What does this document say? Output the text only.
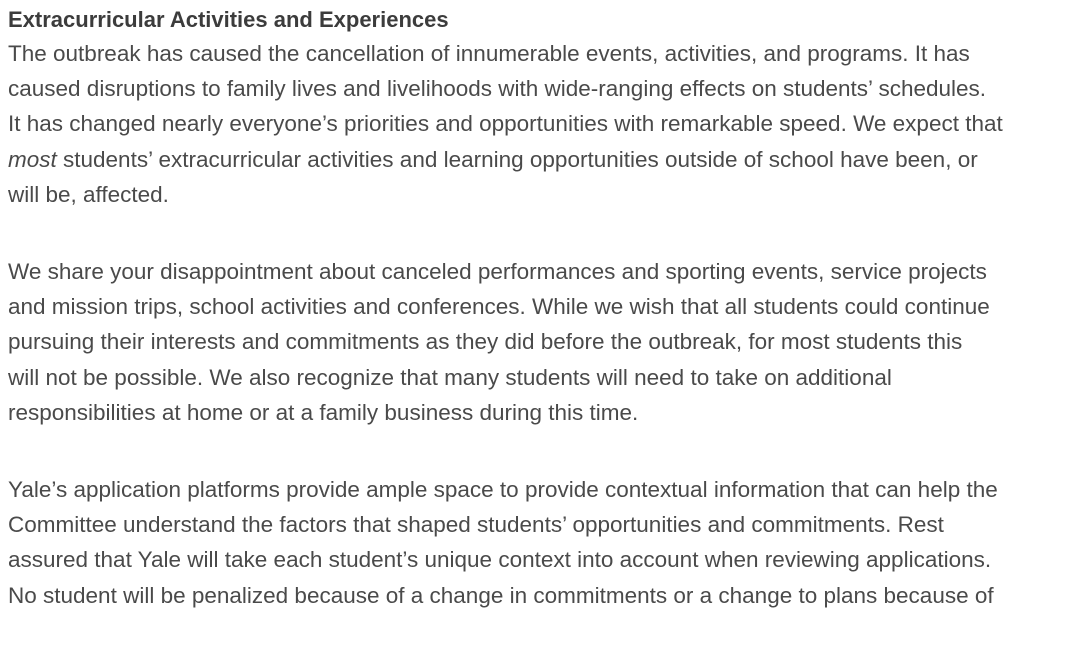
Extracurricular Activities and Experiences

The outbreak has caused the cancellation of innumerable events, activities, and programs. It has
caused disruptions to family lives and livelihoods with wide-ranging effects on students’ schedules.
It has changed nearly everyone’s priorities and opportunities with remarkable speed. We expect that
most students’ extracurricular activities and learning opportunities outside of school have been, or
will be, affected.

We share your disappointment about canceled performances and sporting events, service projects
and mission trips, school activities and conferences. While we wish that all students could continue
pursuing their interests and commitments as they did before the outbreak, for most students this
will not be possible. We also recognize that many students will need to take on additional
responsibilities at home or at a family business during this time.

Yale’s application platforms provide ample space to provide contextual information that can help the
Committee understand the factors that shaped students’ opportunities and commitments. Rest
assured that Yale will take each student’s unique context into account when reviewing applications.
No student will be penalized because of a change in commitments or a change to plans because of
